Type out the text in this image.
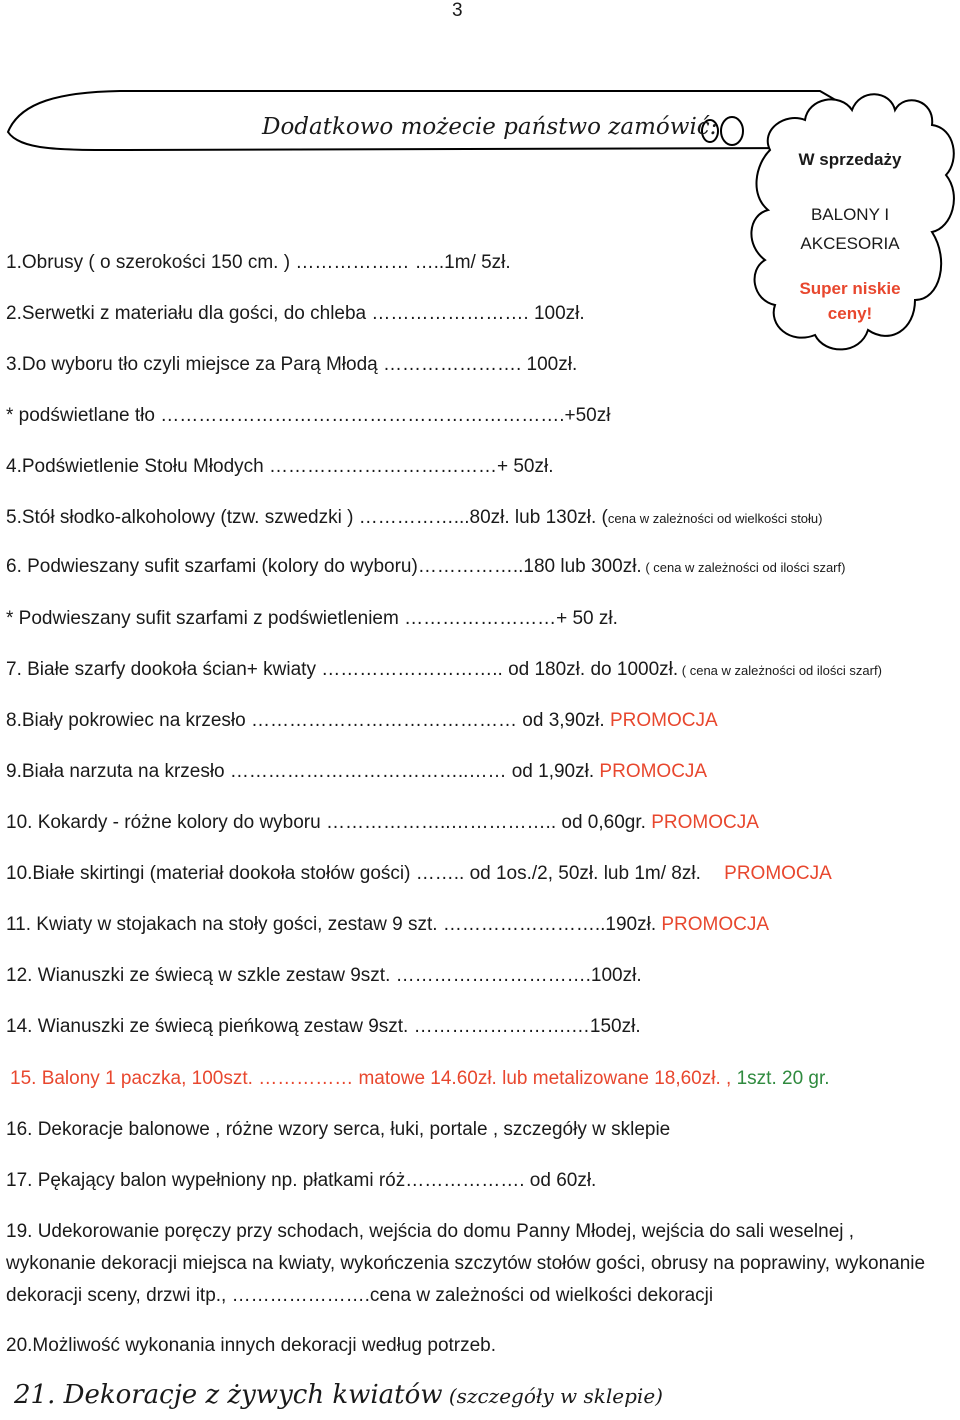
3
Dodatkowo możecie państwo zamówić:
W sprzedaży
BALONY I
AKCESORIA
Super niskie
ceny!
1.Obrusy ( o szerokości 150 cm. ) ……………… …..1m/ 5zł.
2.Serwetki z materiału dla gości, do chleba ……………………. 100zł.
3.Do wyboru tło czyli miejsce za Parą Młodą …………………. 100zł.
* podświetlane tło ……………………………………………………….+50zł
4.Podświetlenie Stołu Młodych ………………………………+ 50zł.
5.Stół słodko-alkoholowy (tzw. szwedzki ) ……………...80zł. lub 130zł. (cena w zależności od wielkości stołu)
6. Podwieszany sufit szarfami (kolory do wyboru)……………..180 lub 300zł. ( cena w zależności od ilości szarf)
* Podwieszany sufit szarfami z podświetleniem ……………………+ 50 zł.
7. Białe szarfy dookoła ścian+ kwiaty ……………………….. od 180zł. do 1000zł. ( cena w zależności od ilości szarf)
8.Biały pokrowiec na krzesło …………………………………… od 3,90zł. PROMOCJA
9.Biała narzuta na krzesło ………………………………..…… od 1,90zł. PROMOCJA
10. Kokardy - różne kolory do wyboru ………………..…………….. od 0,60gr. PROMOCJA
10.Białe skirtingi (materiał dookoła stołów gości) …….. od 1os./2, 50zł. lub 1m/ 8zł. PROMOCJA
11. Kwiaty w stojakach na stoły gości, zestaw 9 szt. ……………………..190zł. PROMOCJA
12. Wianuszki ze świecą w szkle zestaw 9szt. ………………………….100zł.
14. Wianuszki ze świecą pieńkową zestaw 9szt. …………………….…150zł.
15. Balony 1 paczka, 100szt. …………… matowe 14.60zł. lub metalizowane 18,60zł. , 1szt. 20 gr.
16. Dekoracje balonowe , różne wzory serca, łuki, portale , szczegóły w sklepie
17. Pękający balon wypełniony np. płatkami róż………………. od 60zł.
19. Udekorowanie poręczy przy schodach, wejścia do domu Panny Młodej, wejścia do sali weselnej , wykonanie dekoracji miejsca na kwiaty, wykończenia szczytów stołów gości, obrusy na poprawiny, wykonanie dekoracji sceny, drzwi itp., ………………….cena w zależności od wielkości dekoracji
20.Możliwość wykonania innych dekoracji według potrzeb.
21. Dekoracje z żywych kwiatów (szczegóły w sklepie)
